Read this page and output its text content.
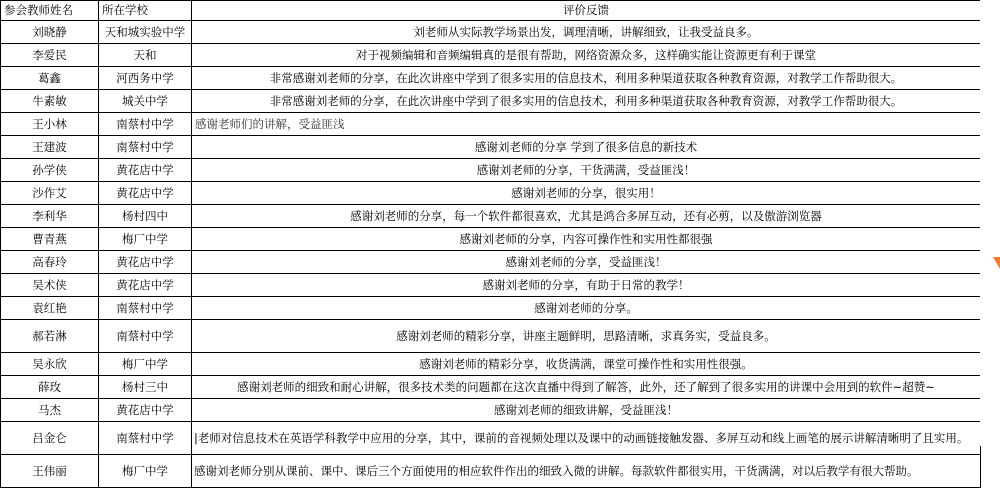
参会教师姓名	所在学校	评价反馈
刘晓静	天和城实验中学	刘老师从实际教学场景出发，调理清晰，讲解细致，让我受益良多。
李爱民	天和	对于视频编辑和音频编辑真的是很有帮助，网络资源众多，这样确实能让资源更有利于课堂
葛鑫	河西务中学	非常感谢刘老师的分享，在此次讲座中学到了很多实用的信息技术，利用多种渠道获取各种教育资源，对教学工作帮助很大。
牛素敏	城关中学	非常感谢刘老师的分享，在此次讲座中学到了很多实用的信息技术，利用多种渠道获取各种教育资源，对教学工作帮助很大。
王小林	南蔡村中学	感谢老师们的讲解，受益匪浅
王建波	南蔡村中学	感谢刘老师的分享 学到了很多信息的新技术
孙学侠	黄花店中学	感谢刘老师的分享，干货满满，受益匪浅！
沙作艾	黄花店中学	感谢刘老师的分享，很实用！
李利华	杨村四中	感谢刘老师的分享，每一个软件都很喜欢，尤其是鸿合多屏互动，还有必剪，以及傲游浏览器
曹青燕	梅厂中学	感谢刘老师的分享，内容可操作性和实用性都很强
高春玲	黄花店中学	感谢刘老师的分享，受益匪浅！
吴术侠	黄花店中学	感谢刘老师的分享，有助于日常的教学！
袁红艳	南蔡村中学	感谢刘老师的分享。
郝若淋	南蔡村中学	感谢刘老师的精彩分享，讲座主题鲜明，思路清晰，求真务实，受益良多。
吴永欣	梅厂中学	感谢刘老师的精彩分享，收货满满，课堂可操作性和实用性很强。
薛玫	杨村三中	感谢刘老师的细致和耐心讲解，很多技术类的问题都在这次直播中得到了解答，此外，还了解到了很多实用的讲课中会用到的软件~超赞~
马杰	黄花店中学	感谢刘老师的细致讲解，受益匪浅！
吕金仑	南蔡村中学	|老师对信息技术在英语学科教学中应用的分享，其中，课前的音视频处理以及课中的动画链接触发器、多屏互动和线上画笔的展示讲解清晰明了且实用。
王伟丽	梅厂中学	感谢刘老师分别从课前、课中、课后三个方面使用的相应软件作出的细致入微的讲解。每款软件都很实用，干货满满，对以后教学有很大帮助。
